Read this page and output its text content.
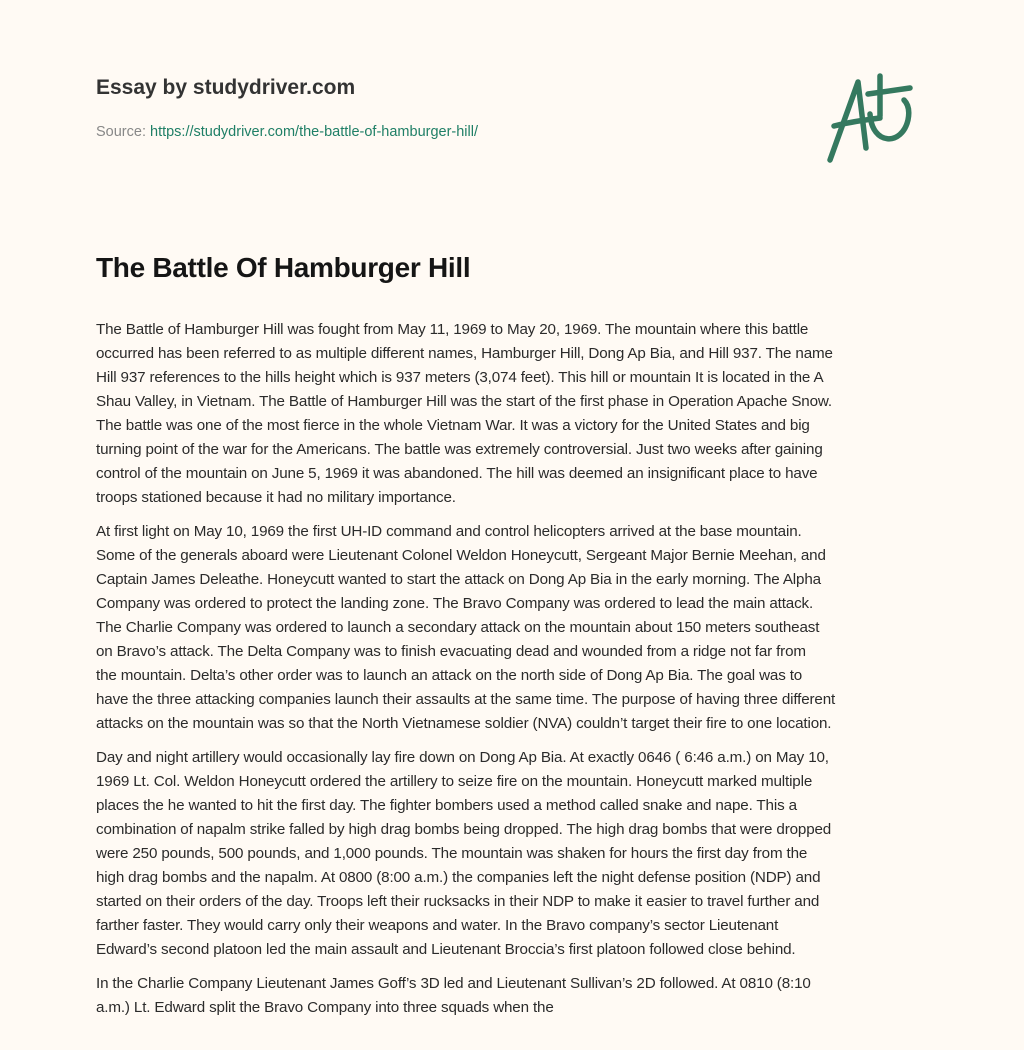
Essay by studydriver.com
Source: https://studydriver.com/the-battle-of-hamburger-hill/
The Battle Of Hamburger Hill

The Battle of Hamburger Hill was fought from May 11, 1969 to May 20, 1969. The mountain where this battle
occurred has been referred to as multiple different names, Hamburger Hill, Dong Ap Bia, and Hill 937. The name
Hill 937 references to the hills height which is 937 meters (3,074 feet). This hill or mountain It is located in the A
Shau Valley, in Vietnam. The Battle of Hamburger Hill was the start of the first phase in Operation Apache Snow.
The battle was one of the most fierce in the whole Vietnam War. It was a victory for the United States and big
turning point of the war for the Americans. The battle was extremely controversial. Just two weeks after gaining
control of the mountain on June 5, 1969 it was abandoned. The hill was deemed an insignificant place to have
troops stationed because it had no military importance.

At first light on May 10, 1969 the first UH-ID command and control helicopters arrived at the base mountain.
Some of the generals aboard were Lieutenant Colonel Weldon Honeycutt, Sergeant Major Bernie Meehan, and
Captain James Deleathe. Honeycutt wanted to start the attack on Dong Ap Bia in the early morning. The Alpha
Company was ordered to protect the landing zone. The Bravo Company was ordered to lead the main attack.
The Charlie Company was ordered to launch a secondary attack on the mountain about 150 meters southeast
on Bravo’s attack. The Delta Company was to finish evacuating dead and wounded from a ridge not far from
the mountain. Delta’s other order was to launch an attack on the north side of Dong Ap Bia. The goal was to
have the three attacking companies launch their assaults at the same time. The purpose of having three different
attacks on the mountain was so that the North Vietnamese soldier (NVA) couldn’t target their fire to one location.

Day and night artillery would occasionally lay fire down on Dong Ap Bia. At exactly 0646 ( 6:46 a.m.) on May 10,
1969 Lt. Col. Weldon Honeycutt ordered the artillery to seize fire on the mountain. Honeycutt marked multiple
places the he wanted to hit the first day. The fighter bombers used a method called snake and nape. This a
combination of napalm strike falled by high drag bombs being dropped. The high drag bombs that were dropped
were 250 pounds, 500 pounds, and 1,000 pounds. The mountain was shaken for hours the first day from the
high drag bombs and the napalm. At 0800 (8:00 a.m.) the companies left the night defense position (NDP) and
started on their orders of the day. Troops left their rucksacks in their NDP to make it easier to travel further and
farther faster. They would carry only their weapons and water. In the Bravo company’s sector Lieutenant
Edward’s second platoon led the main assault and Lieutenant Broccia’s first platoon followed close behind.

In the Charlie Company Lieutenant James Goff’s 3D led and Lieutenant Sullivan’s 2D followed. At 0810 (8:10
a.m.) Lt. Edward split the Bravo Company into three squads when the
